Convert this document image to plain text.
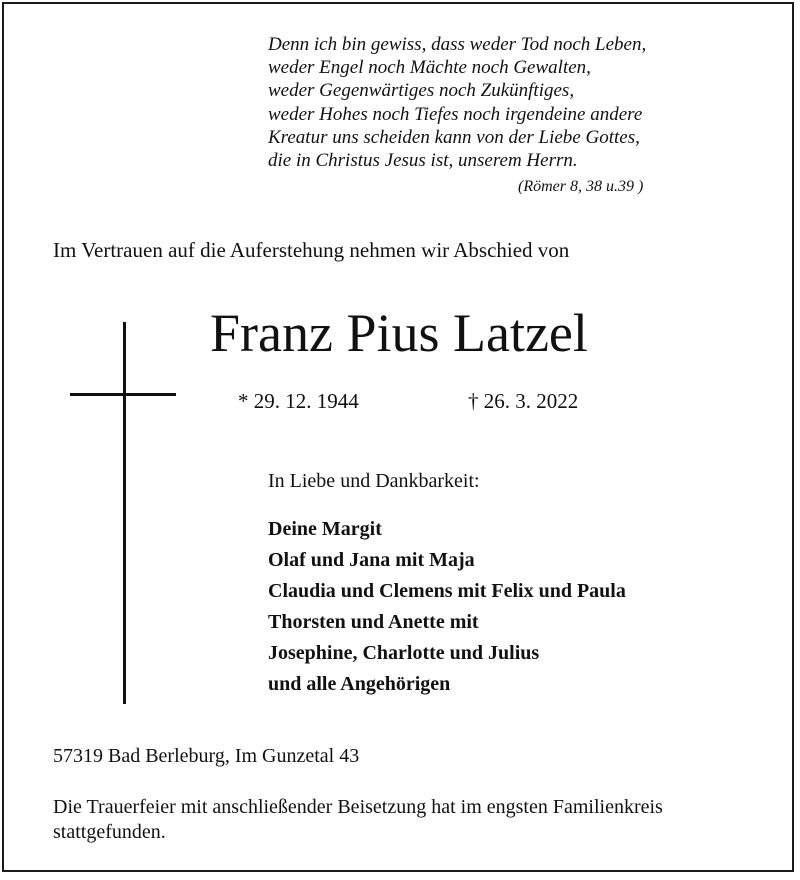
Denn ich bin gewiss, dass weder Tod noch Leben,
weder Engel noch Mächte noch Gewalten,
weder Gegenwärtiges noch Zukünftiges,
weder Hohes noch Tiefes noch irgendeine andere
Kreatur uns scheiden kann von der Liebe Gottes,
die in Christus Jesus ist, unserem Herrn.
(Römer 8, 38 u.39 )
Im Vertrauen auf die Auferstehung nehmen wir Abschied von
Franz Pius Latzel
* 29. 12. 1944	† 26. 3. 2022
In Liebe und Dankbarkeit:
Deine Margit
Olaf und Jana mit Maja
Claudia und Clemens mit Felix und Paula
Thorsten und Anette mit
Josephine, Charlotte und Julius
und alle Angehörigen
57319 Bad Berleburg, Im Gunzetal 43
Die Trauerfeier mit anschließender Beisetzung hat im engsten Familienkreis stattgefunden.
